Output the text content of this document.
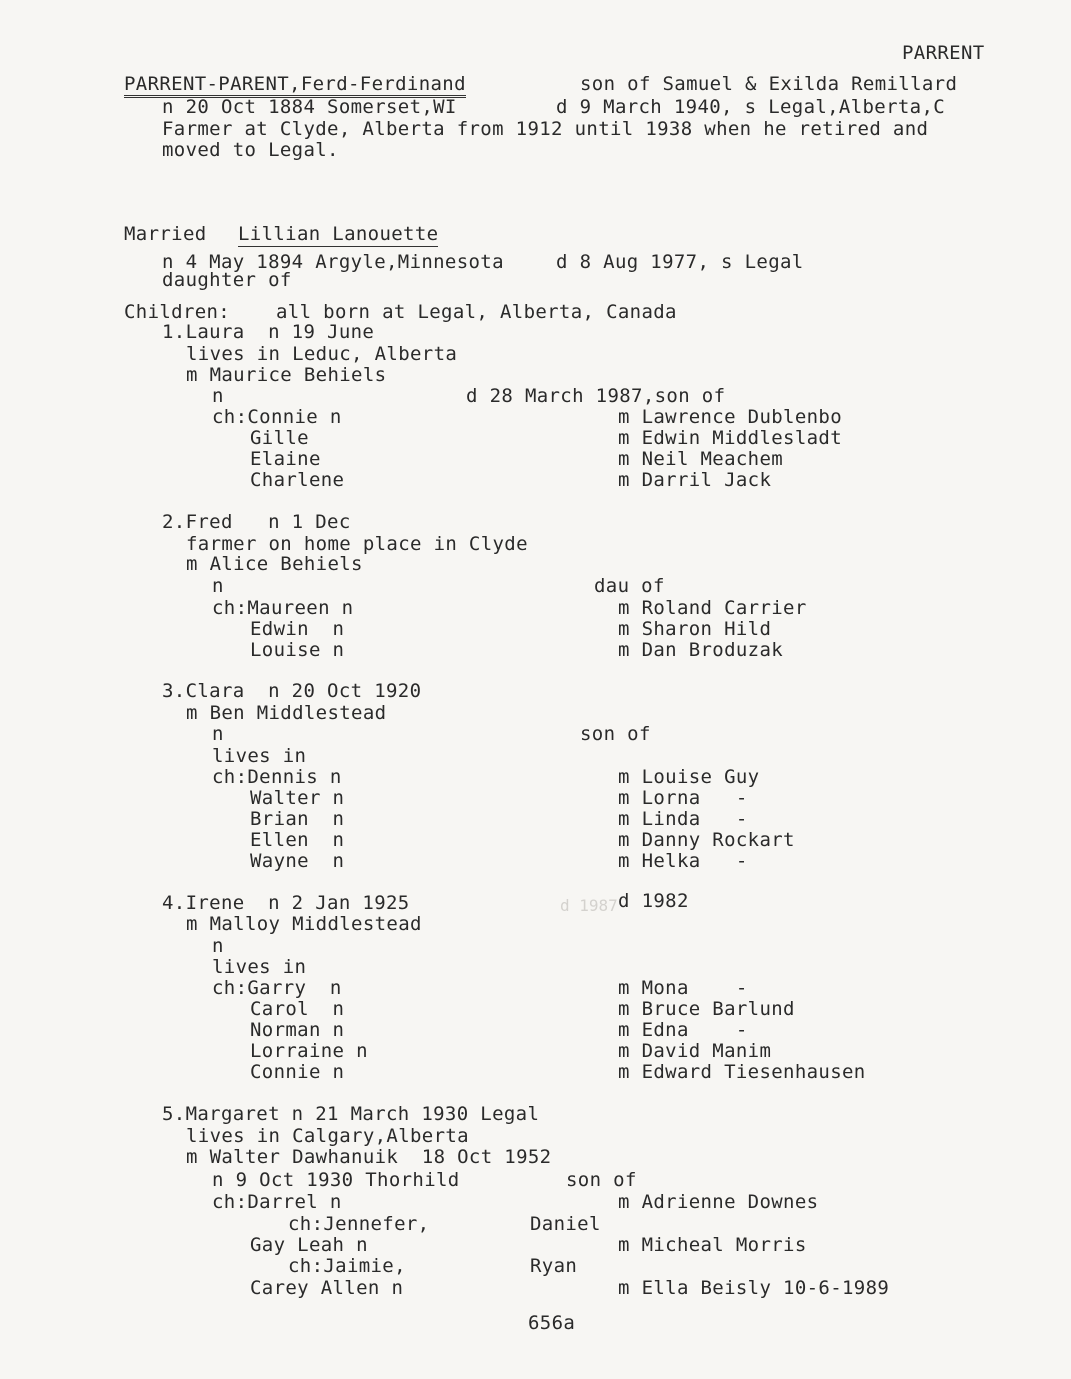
PARRENT
PARRENT-PARENT,Ferd-Ferdinand	son of Samuel & Exilda Remillard
n 20 Oct 1884 Somerset,WI	d 9 March 1940, s Legal,Alberta,C
Farmer at Clyde, Alberta from 1912 until 1938 when he retired and
moved to Legal.
Married Lillian Lanouette
n 4 May 1894 Argyle,Minnesota	d 8 Aug 1977, s Legal
daughter of
Children: all born at Legal, Alberta, Canada
1.Laura  n 19 June
lives in Leduc, Alberta
m Maurice Behiels
n	d 28 March 1987,son of
ch:Connie n	m Lawrence Dublenbo
Gille	m Edwin Middlesladt
Elaine	m Neil Meachem
Charlene	m Darril Jack
2.Fred   n 1 Dec
farmer on home place in Clyde
m Alice Behiels
n	dau of
ch:Maureen n	m Roland Carrier
Edwin  n	m Sharon Hild
Louise n	m Dan Broduzak
3.Clara  n 20 Oct 1920
m Ben Middlestead
n	son of
lives in
ch:Dennis n	m Louise Guy
Walter n	m Lorna   -
Brian  n	m Linda   -
Ellen  n	m Danny Rockart
Wayne  n	m Helka   -
4.Irene  n 2 Jan 1925	d 1987 d 1982
m Malloy Middlestead
n
lives in
ch:Garry  n	m Mona    -
Carol  n	m Bruce Barlund
Norman n	m Edna    -
Lorraine n	m David Manim
Connie n	m Edward Tiesenhausen
5.Margaret n 21 March 1930 Legal
lives in Calgary,Alberta
m Walter Dawhanuik  18 Oct 1952
n 9 Oct 1930 Thorhild	son of
ch:Darrel n	m Adrienne Downes
ch:Jennefer,	Daniel
Gay Leah n	m Micheal Morris
ch:Jaimie,	Ryan
Carey Allen n	m Ella Beisly 10-6-1989
656a
